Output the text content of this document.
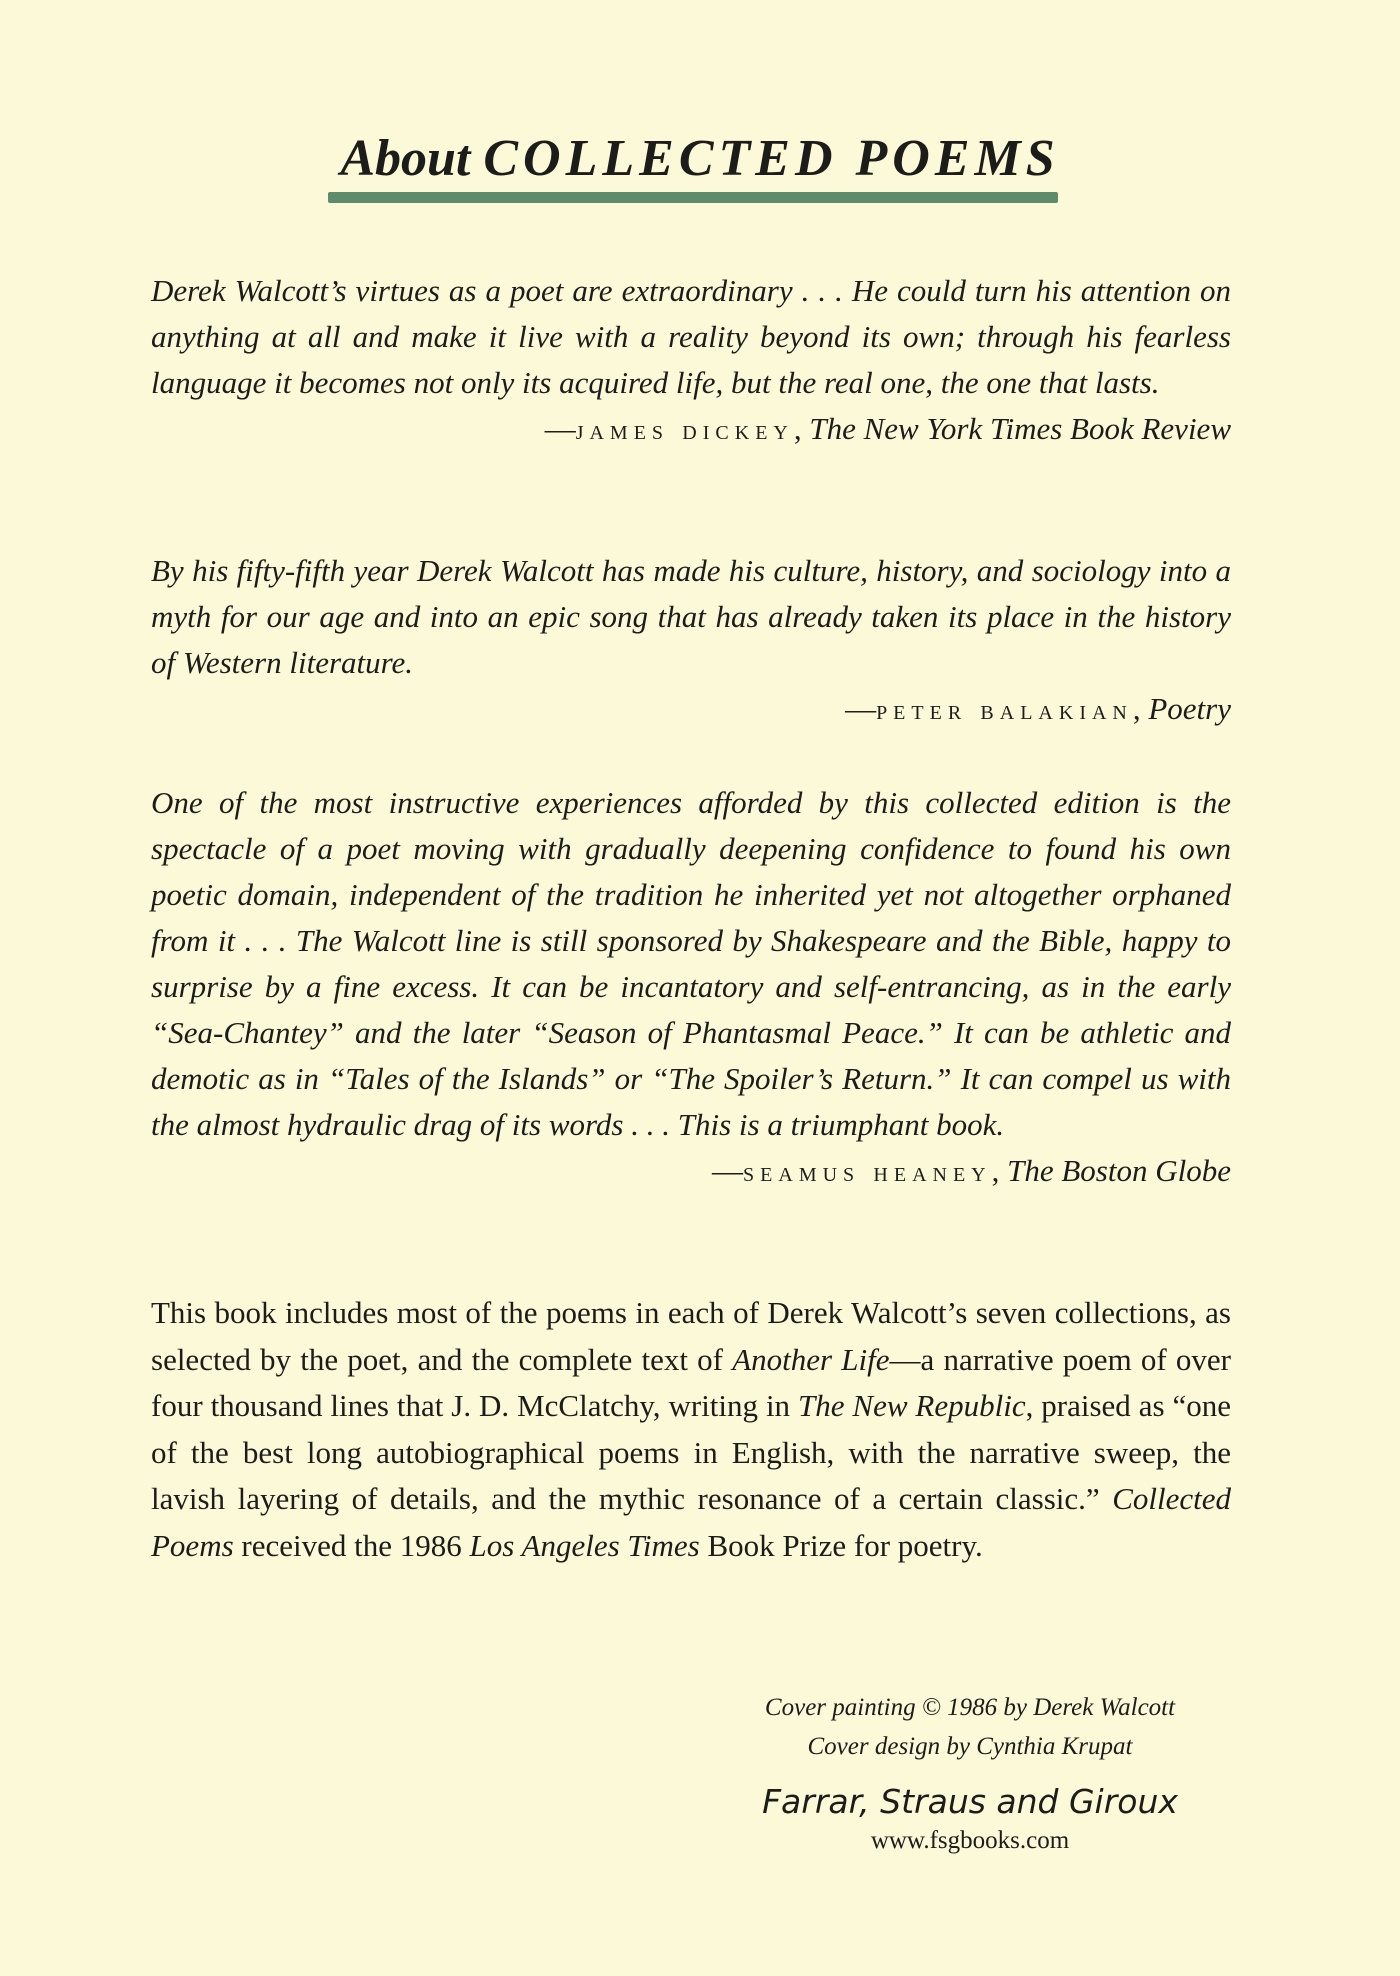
About COLLECTED POEMS

Derek Walcott’s virtues as a poet are extraordinary . . . He could turn his attention on anything at all and make it live with a reality beyond its own; through his fearless language it becomes not only its acquired life, but the real one, the one that lasts.

—james dickey, The New York Times Book Review

By his fifty-fifth year Derek Walcott has made his culture, history, and sociology into a myth for our age and into an epic song that has already taken its place in the history of Western literature.

—peter balakian, Poetry

One of the most instructive experiences afforded by this collected edition is the spectacle of a poet moving with gradually deepening confidence to found his own poetic domain, independent of the tradition he inherited yet not altogether orphaned from it . . . The Walcott line is still sponsored by Shakespeare and the Bible, happy to surprise by a fine excess. It can be incantatory and self-entrancing, as in the early “Sea-Chantey” and the later “Season of Phantasmal Peace.” It can be athletic and demotic as in “Tales of the Islands” or “The Spoiler’s Return.” It can compel us with the almost hydraulic drag of its words . . . This is a triumphant book.

—seamus heaney, The Boston Globe

This book includes most of the poems in each of Derek Walcott’s seven collections, as selected by the poet, and the complete text of Another Life—a narrative poem of over four thousand lines that J. D. McClatchy, writing in The New Republic, praised as “one of the best long autobiographical poems in English, with the narrative sweep, the lavish layering of details, and the mythic resonance of a certain classic.” Collected Poems received the 1986 Los Angeles Times Book Prize for poetry.

Cover painting © 1986 by Derek Walcott

Cover design by Cynthia Krupat

Farrar, Straus and Giroux

www.fsgbooks.com
